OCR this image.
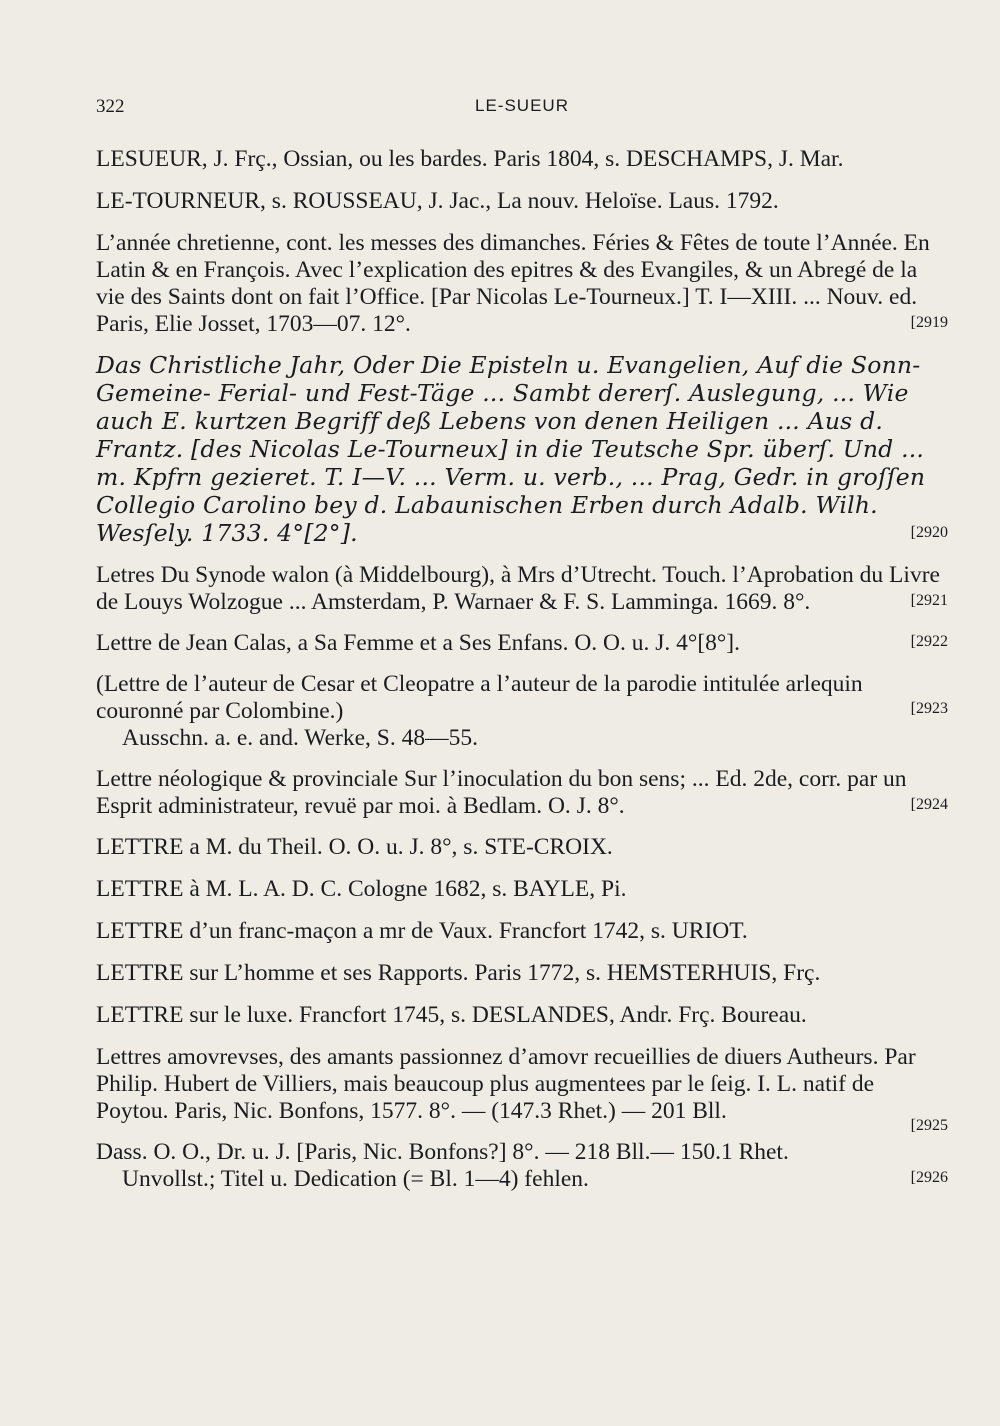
322	LE-SUEUR
LESUEUR, J. Frç., Ossian, ou les bardes. Paris 1804, s. DESCHAMPS, J. Mar.
LE-TOURNEUR, s. ROUSSEAU, J. Jac., La nouv. Heloïse. Laus. 1792.
L’année chretienne, cont. les messes des dimanches. Féries & Fêtes de toute l’Année. En Latin & en François. Avec l’explication des epitres & des Evangiles, & un Abregé de la vie des Saints dont on fait l’Office. [Par Nicolas Le-Tourneux.] T. I—XIII. ... Nouv. ed. Paris, Elie Josset, 1703—07. 12°.	[2919
Das Christliche Jahr, Oder Die Episteln u. Evangelien, Auf die Sonn- Gemeine- Ferial- und Fest-Täge ... Sambt dererſ. Auslegung, ... Wie auch E. kurtzen Begriff deß Lebens von denen Heiligen ... Aus d. Frantz. [des Nicolas Le-Tourneux] in die Teutsche Spr. überſ. Und ... m. Kpfrn gezieret. T. I—V. ... Verm. u. verb., ... Prag, Gedr. in groſſen Collegio Carolino bey d. Labaunischen Erben durch Adalb. Wilh. Wesſely. 1733. 4°[2°].	[2920
Letres Du Synode walon (à Middelbourg), à Mrs d’Utrecht. Touch. l’Aprobation du Livre de Louys Wolzogue ... Amsterdam, P. Warnaer & F. S. Lamminga. 1669. 8°.	[2921
Lettre de Jean Calas, a Sa Femme et a Ses Enfans. O. O. u. J. 4°[8°].	[2922
(Lettre de l’auteur de Cesar et Cleopatre a l’auteur de la parodie intitulée arlequin couronné par Colombine.)
Ausschn. a. e. and. Werke, S. 48—55.
[2923
Lettre néologique & provinciale Sur l’inoculation du bon sens; ... Ed. 2de, corr. par un Esprit administrateur, revuë par moi. à Bedlam. O. J. 8°.	[2924
LETTRE a M. du Theil. O. O. u. J. 8°, s. STE-CROIX.
LETTRE à M. L. A. D. C. Cologne 1682, s. BAYLE, Pi.
LETTRE d’un franc-maçon a mr de Vaux. Francfort 1742, s. URIOT.
LETTRE sur L’homme et ses Rapports. Paris 1772, s. HEMSTERHUIS, Frç.
LETTRE sur le luxe. Francfort 1745, s. DESLANDES, Andr. Frç. Boureau.
Lettres amovrevses, des amants passionnez d’amovr recueillies de diuers Autheurs. Par Philip. Hubert de Villiers, mais beaucoup plus augmentees par le ſeig. I. L. natif de Poytou. Paris, Nic. Bonfons, 1577. 8°. — (147.3 Rhet.) — 201 Bll.
[2925
Dass. O. O., Dr. u. J. [Paris, Nic. Bonfons?] 8°. — 218 Bll.— 150.1 Rhet.
Unvollst.; Titel u. Dedication (= Bl. 1—4) fehlen.	[2926
